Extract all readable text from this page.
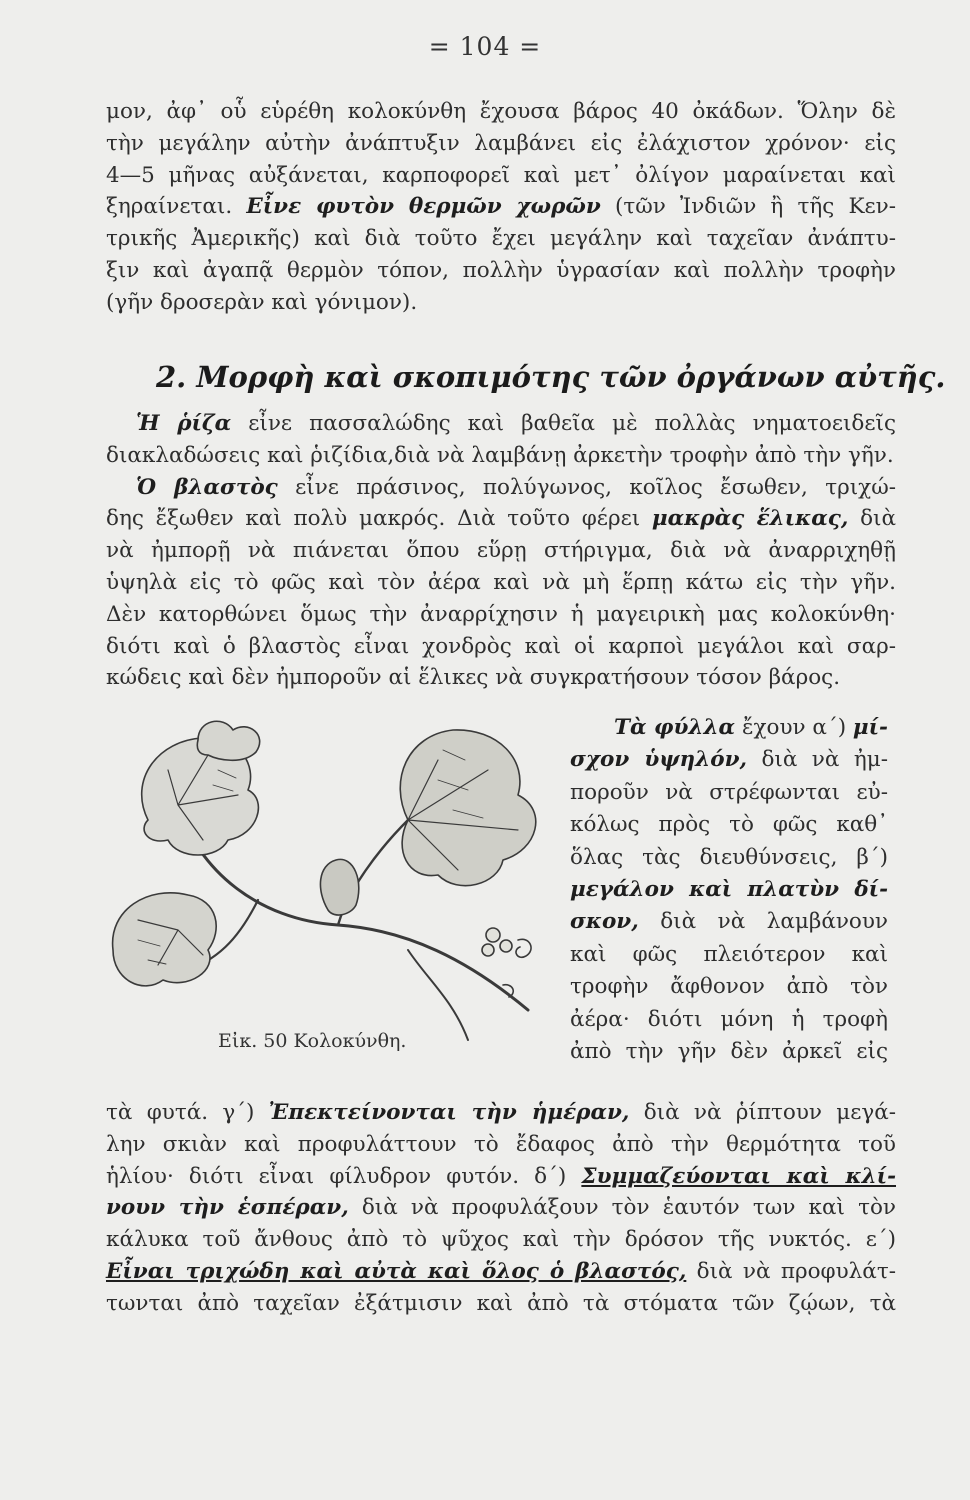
= 104 =
μον, ἀφ᾽ οὗ εὑρέθη κολοκύνθη ἔχουσα βάρος 40 ὀκάδων. Ὅλην δὲ
τὴν μεγάλην αὐτὴν ἀνάπτυξιν λαμβάνει εἰς ἐλάχιστον χρόνον· εἰς
4—5 μῆνας αὐξάνεται, καρποφορεῖ καὶ μετ᾽ ὀλίγον μαραίνεται καὶ
ξηραίνεται. Εἶνε φυτὸν θερμῶν χωρῶν (τῶν Ἰνδιῶν ἢ τῆς Κεν-
τρικῆς Ἀμερικῆς) καὶ διὰ τοῦτο ἔχει μεγάλην καὶ ταχεῖαν ἀνάπτυ-
ξιν καὶ ἀγαπᾷ θερμὸν τόπον, πολλὴν ὑγρασίαν καὶ πολλὴν τροφὴν
(γῆν δροσερὰν καὶ γόνιμον).
2. Μορφὴ καὶ σκοπιμότης τῶν ὀργάνων αὐτῆς.
Ἡ ῥίζα εἶνε πασσαλώδης καὶ βαθεῖα μὲ πολλὰς νηματοειδεῖς
διακλαδώσεις καὶ ῥιζίδια,διὰ νὰ λαμβάνῃ ἀρκετὴν τροφὴν ἀπὸ τὴν γῆν.
Ὁ βλαστὸς εἶνε πράσινος, πολύγωνος, κοῖλος ἔσωθεν, τριχώ-
δης ἔξωθεν καὶ πολὺ μακρός. Διὰ τοῦτο φέρει μακρὰς ἕλικας, διὰ
νὰ ἠμπορῇ νὰ πιάνεται ὅπου εὕρῃ στήριγμα, διὰ νὰ ἀναρριχηθῇ
ὑψηλὰ εἰς τὸ φῶς καὶ τὸν ἀέρα καὶ νὰ μὴ ἕρπῃ κάτω εἰς τὴν γῆν.
Δὲν κατορθώνει ὅμως τὴν ἀναρρίχησιν ἡ μαγειρικὴ μας κολοκύνθη·
διότι καὶ ὁ βλαστὸς εἶναι χονδρὸς καὶ οἱ καρποὶ μεγάλοι καὶ σαρ-
κώδεις καὶ δὲν ἠμποροῦν αἱ ἕλικες νὰ συγκρατήσουν τόσον βάρος.
Εἰκ. 50 Κολοκύνθη.
Τὰ φύλλα ἔχουν α΄) μί-
σχον ὑψηλόν, διὰ νὰ ἠμ-
ποροῦν νὰ στρέφωνται εὐ-
κόλως πρὸς τὸ φῶς καθ᾽
ὅλας τὰς διευθύνσεις, β΄)
μεγάλον καὶ πλατὺν δί-
σκον, διὰ νὰ λαμβάνουν
καὶ φῶς πλειότερον καὶ
τροφὴν ἄφθονον ἀπὸ τὸν
ἀέρα· διότι μόνη ἡ τροφὴ
ἀπὸ τὴν γῆν δὲν ἀρκεῖ εἰς
τὰ φυτά. γ΄) Ἐπεκτείνονται τὴν ἡμέραν, διὰ νὰ ῥίπτουν μεγά-
λην σκιὰν καὶ προφυλάττουν τὸ ἔδαφος ἀπὸ τὴν θερμότητα τοῦ
ἡλίου· διότι εἶναι φίλυδρον φυτόν. δ΄) Συμμαζεύονται καὶ κλί-
νουν τὴν ἑσπέραν, διὰ νὰ προφυλάξουν τὸν ἑαυτόν των καὶ τὸν
κάλυκα τοῦ ἄνθους ἀπὸ τὸ ψῦχος καὶ τὴν δρόσον τῆς νυκτός. ε΄)
Εἶναι τριχώδη καὶ αὐτὰ καὶ ὅλος ὁ βλαστός, διὰ νὰ προφυλάτ-
τωνται ἀπὸ ταχεῖαν ἐξάτμισιν καὶ ἀπὸ τὰ στόματα τῶν ζῴων, τὰ
